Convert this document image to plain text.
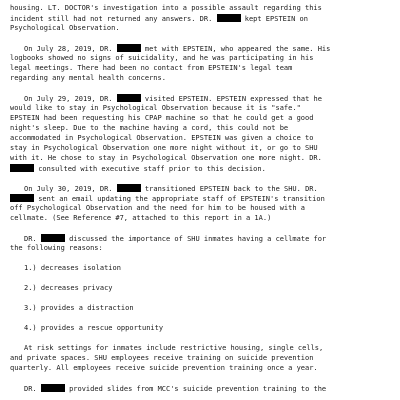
housing. LT. DOCTOR's investigation into a possible assault regarding this
incident still had not returned any answers. DR.	kept EPSTEIN on
Psychological Observation.
On July 28, 2019, DR.	met with EPSTEIN, who appeared the same. His
logbooks showed no signs of suicidality, and he was participating in his
legal meetings. There had been no contact from EPSTEIN's legal team
regarding any mental health concerns.
On July 29, 2019, DR.	visited EPSTEIN. EPSTEIN expressed that he
would like to stay in Psychological Observation because it is "safe."
EPSTEIN had been requesting his CPAP machine so that he could get a good
night's sleep. Due to the machine having a cord, this could not be
accommodated in Psychological Observation. EPSTEIN was given a choice to
stay in Psychological Observation one more night without it, or go to SHU
with it. He chose to stay in Psychological Observation one more night. DR.
consulted with executive staff prior to this decision.
On July 30, 2019, DR.	transitioned EPSTEIN back to the SHU. DR.
sent an email updating the appropriate staff of EPSTEIN's transition
off Psychological Observation and the need for him to be housed with a
cellmate. (See Reference #7, attached to this report in a 1A.)
DR.	discussed the importance of SHU inmates having a cellmate for
the following reasons:
1.) decreases isolation
2.) decreases privacy
3.) provides a distraction
4.) provides a rescue opportunity
At risk settings for inmates include restrictive housing, single cells,
and private spaces. SHU employees receive training on suicide prevention
quarterly. All employees receive suicide prevention training once a year.
DR.	provided slides from MCC's suicide prevention training to the
